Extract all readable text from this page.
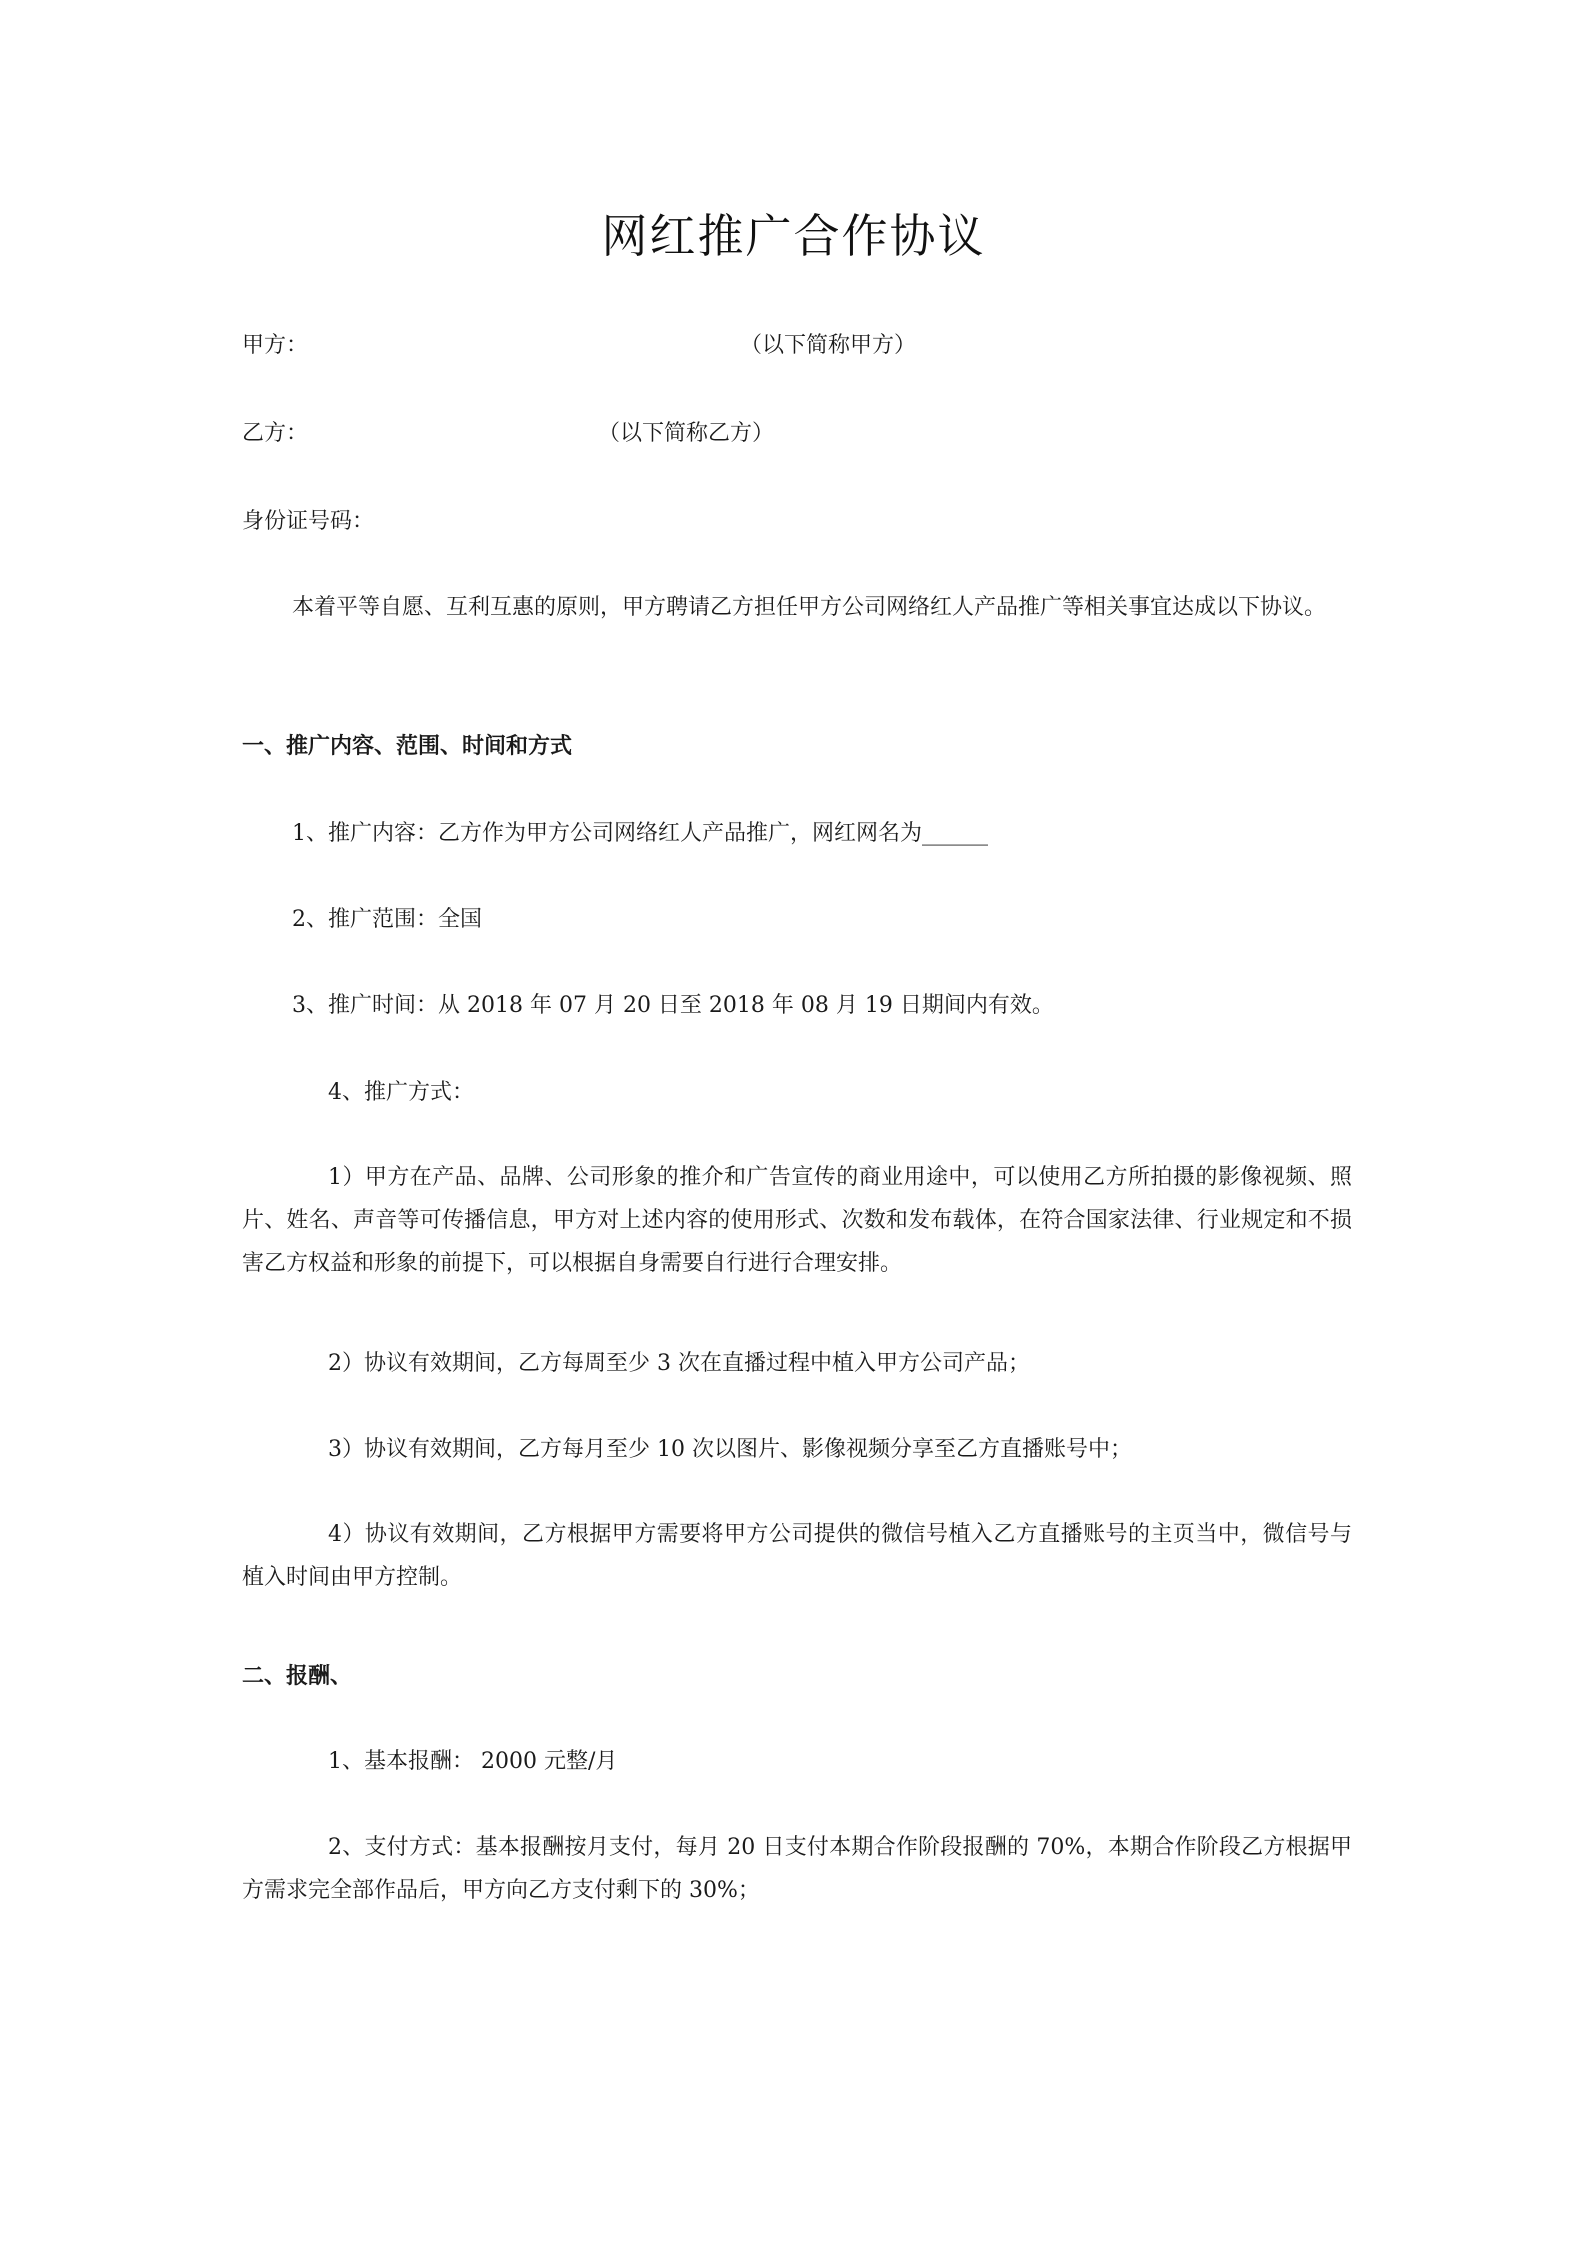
网红推广合作协议
甲方：	（以下简称甲方）
乙方：	（以下简称乙方）
身份证号码：
本着平等自愿、互利互惠的原则，甲方聘请乙方担任甲方公司网络红人产品推广等相关事宜达成以下协议。
一、推广内容、范围、时间和方式
1、推广内容：乙方作为甲方公司网络红人产品推广，网红网名为______
2、推广范围：全国
3、推广时间：从 2018 年 07 月 20 日至 2018 年 08 月 19 日期间内有效。
4、推广方式：
1）甲方在产品、品牌、公司形象的推介和广告宣传的商业用途中，可以使用乙方所拍摄的影像视频、照片、姓名、声音等可传播信息，甲方对上述内容的使用形式、次数和发布载体，在符合国家法律、行业规定和不损害乙方权益和形象的前提下，可以根据自身需要自行进行合理安排。
2）协议有效期间，乙方每周至少 3 次在直播过程中植入甲方公司产品；
3）协议有效期间，乙方每月至少 10 次以图片、影像视频分享至乙方直播账号中；
4）协议有效期间，乙方根据甲方需要将甲方公司提供的微信号植入乙方直播账号的主页当中，微信号与植入时间由甲方控制。
二、报酬、
1、基本报酬： 2000 元整/月
2、支付方式：基本报酬按月支付，每月 20 日支付本期合作阶段报酬的 70%，本期合作阶段乙方根据甲方需求完全部作品后，甲方向乙方支付剩下的 30%；
